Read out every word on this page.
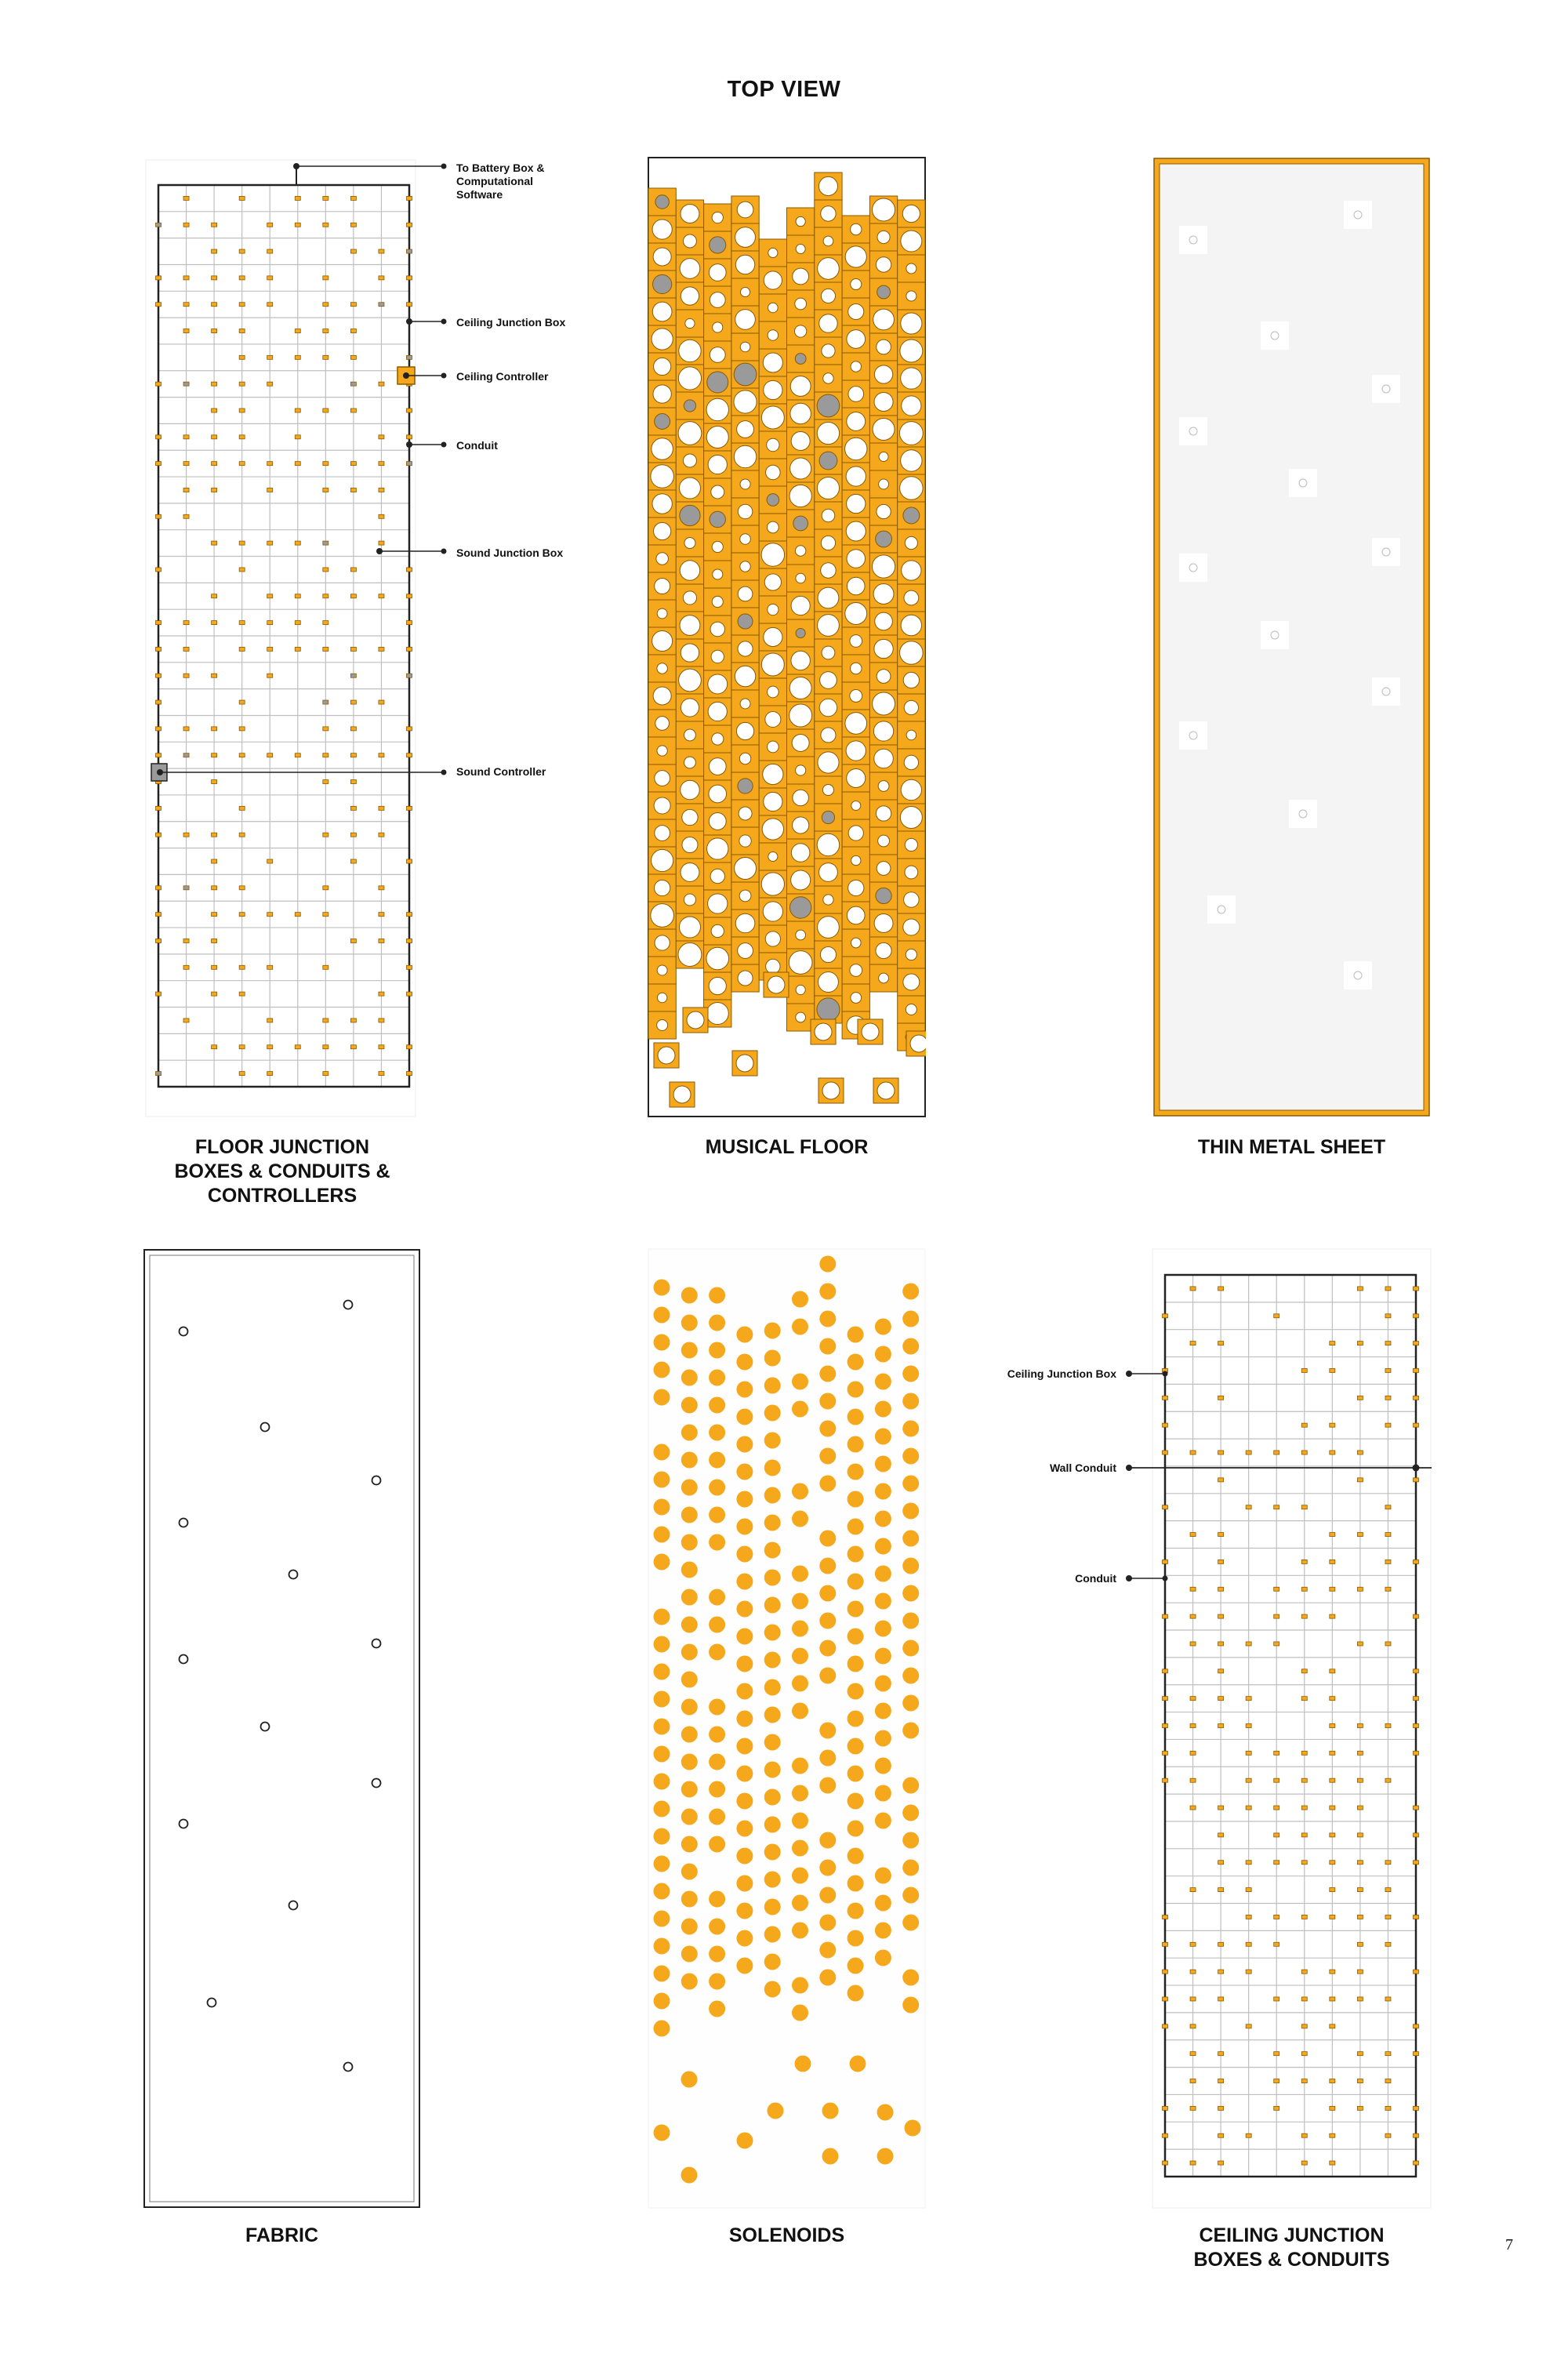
TOP VIEW
To Battery Box &
Computational Software
Ceiling Junction Box
Ceiling Controller
Conduit
Sound Junction Box
Sound Controller
FLOOR JUNCTION
BOXES & CONDUITS &
CONTROLLERS
MUSICAL FLOOR	THIN METAL SHEET
FABRIC	SOLENOIDS
Ceiling Junction Box
Wall Conduit
Conduit
CEILING JUNCTION
BOXES & CONDUITS
7
